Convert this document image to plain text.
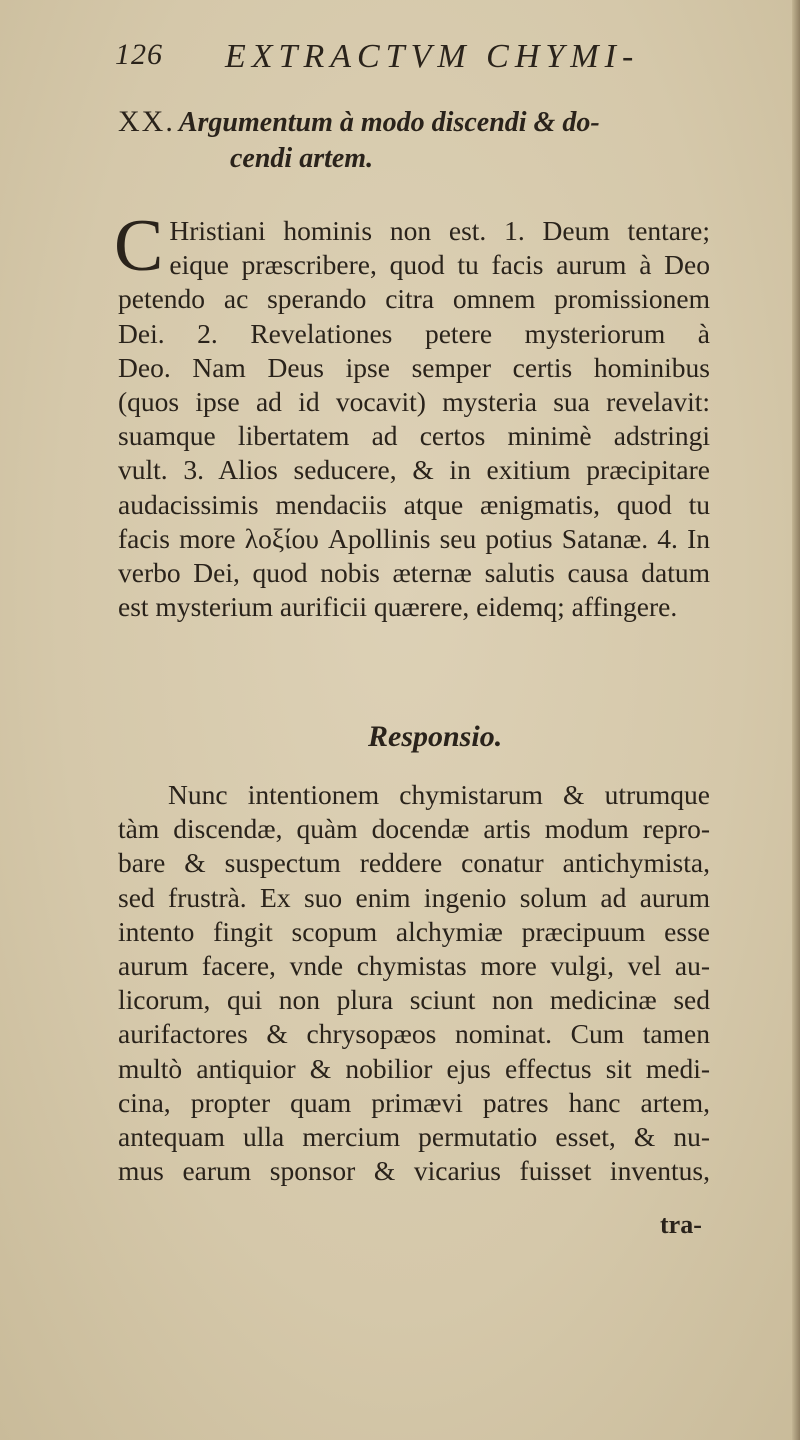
126 EXTRACTVM CHYMI-
XX. Argumentum à modo discendi & do-
cendi artem.
C Hristiani hominis non est. 1. Deum tentare;
eique præscribere, quod tu facis aurum à Deo
petendo ac sperando citra omnem promissionem
Dei. 2. Revelationes petere mysteriorum à
Deo. Nam Deus ipse semper certis hominibus
(quos ipse ad id vocavit) mysteria sua revelavit:
suamque libertatem ad certos minimè adstringi
vult. 3. Alios seducere, & in exitium præcipitare
audacissimis mendaciis atque ænigmatis, quod tu
facis more λοξίου Apollinis seu potius Satanæ. 4. In
verbo Dei, quod nobis æternæ salutis causa datum
est mysterium aurificii quærere, eidemq; affingere.
Responsio.
Nunc intentionem chymistarum & utrumque
tàm discendæ, quàm docendæ artis modum repro-
bare & suspectum reddere conatur antichymista,
sed frustrà. Ex suo enim ingenio solum ad aurum
intento fingit scopum alchymiæ præcipuum esse
aurum facere, vnde chymistas more vulgi, vel au-
licorum, qui non plura sciunt non medicinæ sed
aurifactores & chrysopæos nominat. Cum tamen
multò antiquior & nobilior ejus effectus sit medi-
cina, propter quam primævi patres hanc artem,
antequam ulla mercium permutatio esset, & nu-
mus earum sponsor & vicarius fuisset inventus,
tra-
